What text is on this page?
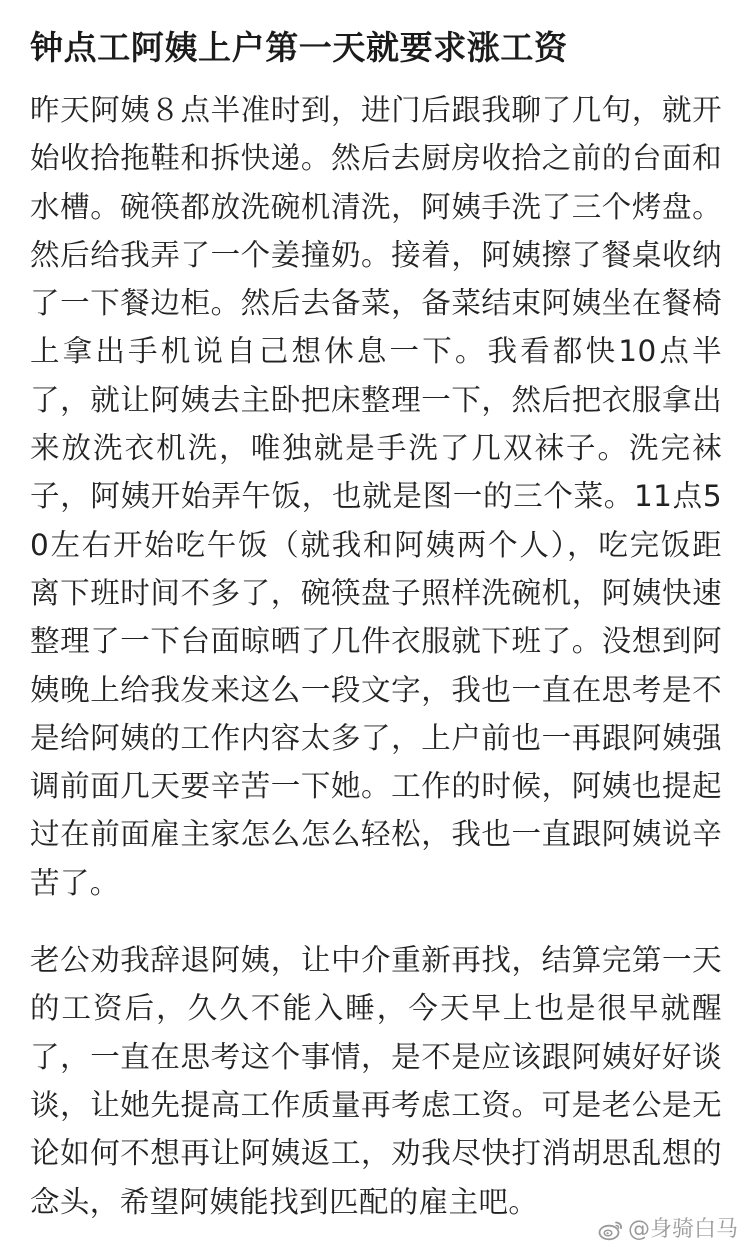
钟点工阿姨上户第一天就要求涨工资

昨天阿姨８点半准时到，进门后跟我聊了几句，就开始收拾拖鞋和拆快递。然后去厨房收拾之前的台面和水槽。碗筷都放洗碗机清洗，阿姨手洗了三个烤盘。然后给我弄了一个姜撞奶。接着，阿姨擦了餐桌收纳了一下餐边柜。然后去备菜，备菜结束阿姨坐在餐椅上拿出手机说自己想休息一下。我看都快10点半了，就让阿姨去主卧把床整理一下，然后把衣服拿出来放洗衣机洗，唯独就是手洗了几双袜子。洗完袜子，阿姨开始弄午饭，也就是图一的三个菜。11点50左右开始吃午饭（就我和阿姨两个人），吃完饭距离下班时间不多了，碗筷盘子照样洗碗机，阿姨快速整理了一下台面晾晒了几件衣服就下班了。没想到阿姨晚上给我发来这么一段文字，我也一直在思考是不是给阿姨的工作内容太多了，上户前也一再跟阿姨强调前面几天要辛苦一下她。工作的时候，阿姨也提起过在前面雇主家怎么怎么轻松，我也一直跟阿姨说辛苦了。

老公劝我辞退阿姨，让中介重新再找，结算完第一天的工资后，久久不能入睡，今天早上也是很早就醒了，一直在思考这个事情，是不是应该跟阿姨好好谈谈，让她先提高工作质量再考虑工资。可是老公是无论如何不想再让阿姨返工，劝我尽快打消胡思乱想的念头，希望阿姨能找到匹配的雇主吧。

@身骑白马
